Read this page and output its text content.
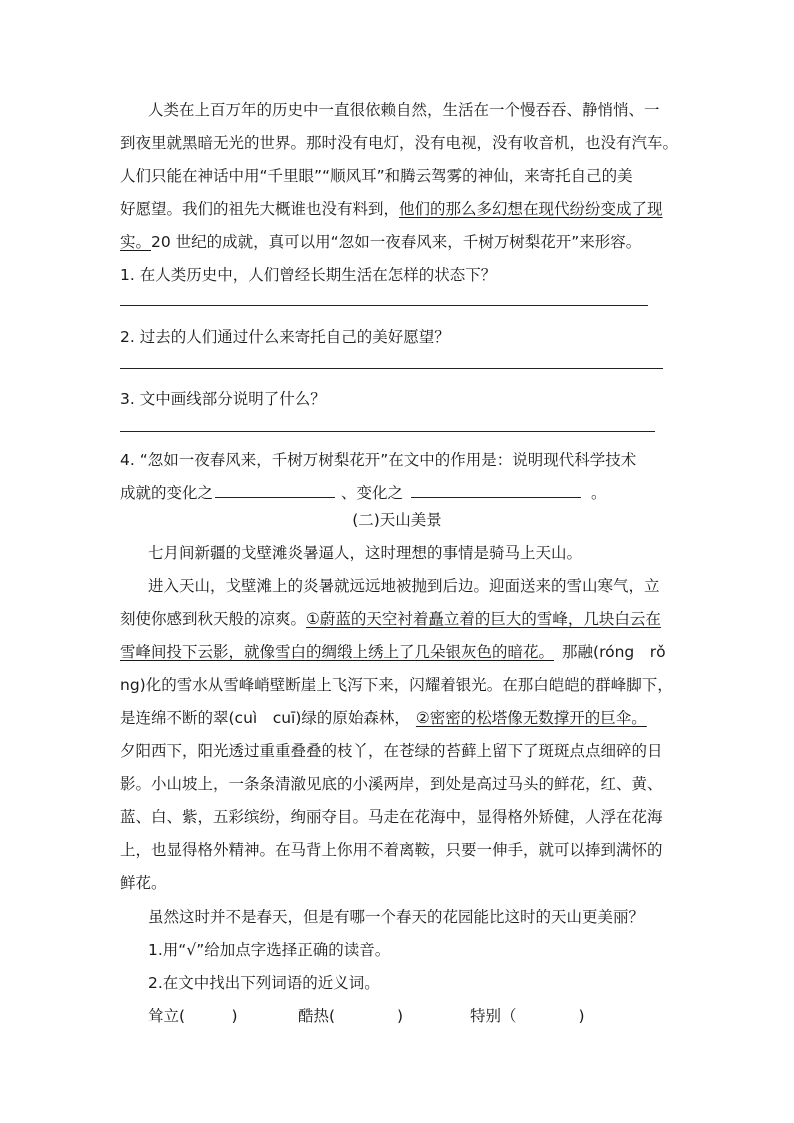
人类在上百万年的历史中一直很依赖自然，生活在一个慢吞吞、静悄悄、一
到夜里就黑暗无光的世界。那时没有电灯，没有电视，没有收音机，也没有汽车。
人们只能在神话中用“千里眼”“顺风耳”和腾云驾雾的神仙，来寄托自己的美
好愿望。我们的祖先大概谁也没有料到，他们的那么多幻想在现代纷纷变成了现
实。20 世纪的成就，真可以用“忽如一夜春风来，千树万树梨花开”来形容。
1. 在人类历史中，人们曾经长期生活在怎样的状态下？
2. 过去的人们通过什么来寄托自己的美好愿望？
3. 文中画线部分说明了什么？
4. “忽如一夜春风来，千树万树梨花开”在文中的作用是：说明现代科学技术
成就的变化之	、变化之	。
(二)天山美景
七月间新疆的戈壁滩炎暑逼人，这时理想的事情是骑马上天山。
进入天山，戈壁滩上的炎暑就远远地被抛到后边。迎面送来的雪山寒气，立
刻使你感到秋天般的凉爽。①蔚蓝的天空衬着矗立着的巨大的雪峰，几块白云在
雪峰间投下云影，就像雪白的绸缎上绣上了几朵银灰色的暗花。 那融(róng　rǒ
ng)化的雪水从雪峰峭壁断崖上飞泻下来，闪耀着银光。在那白皑皑的群峰脚下，
是连绵不断的翠(cuì　cuī)绿的原始森林， ②密密的松塔像无数撑开的巨伞。
夕阳西下，阳光透过重重叠叠的枝丫，在苍绿的苔藓上留下了斑斑点点细碎的日
影。小山坡上，一条条清澈见底的小溪两岸，到处是高过马头的鲜花，红、黄、
蓝、白、紫，五彩缤纷，绚丽夺目。马走在花海中，显得格外矫健，人浮在花海
上，也显得格外精神。在马背上你用不着离鞍，只要一伸手，就可以捧到满怀的
鲜花。
虽然这时并不是春天，但是有哪一个春天的花园能比这时的天山更美丽？
1.用“√”给加点字选择正确的读音。
2.在文中找出下列词语的近义词。
耸立(　　　)	酷热(　　　　)	特别（　　　　)
